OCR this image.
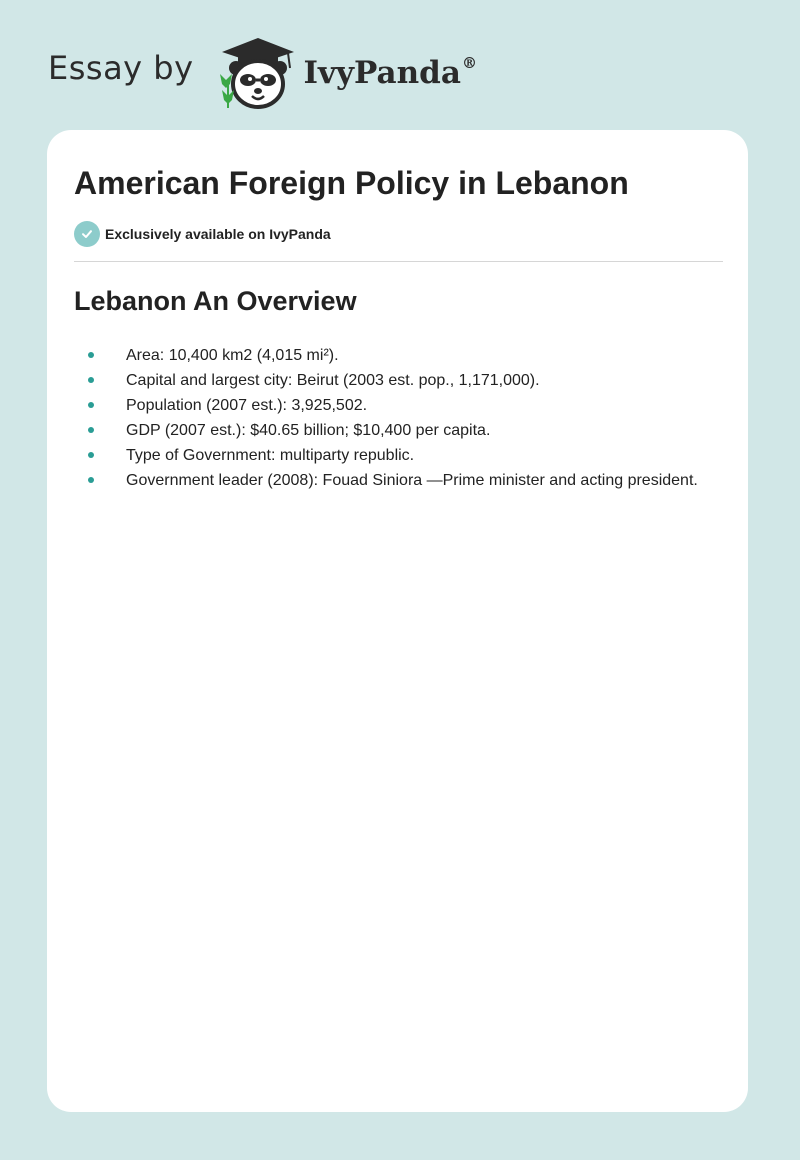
Essay by	IvyPanda®
American Foreign Policy in Lebanon
Exclusively available on IvyPanda
Lebanon An Overview
Area: 10,400 km2 (4,015 mi²).
Capital and largest city: Beirut (2003 est. pop., 1,171,000).
Population (2007 est.): 3,925,502.
GDP (2007 est.): $40.65 billion; $10,400 per capita.
Type of Government: multiparty republic.
Government leader (2008): Fouad Siniora —Prime minister and acting president.
